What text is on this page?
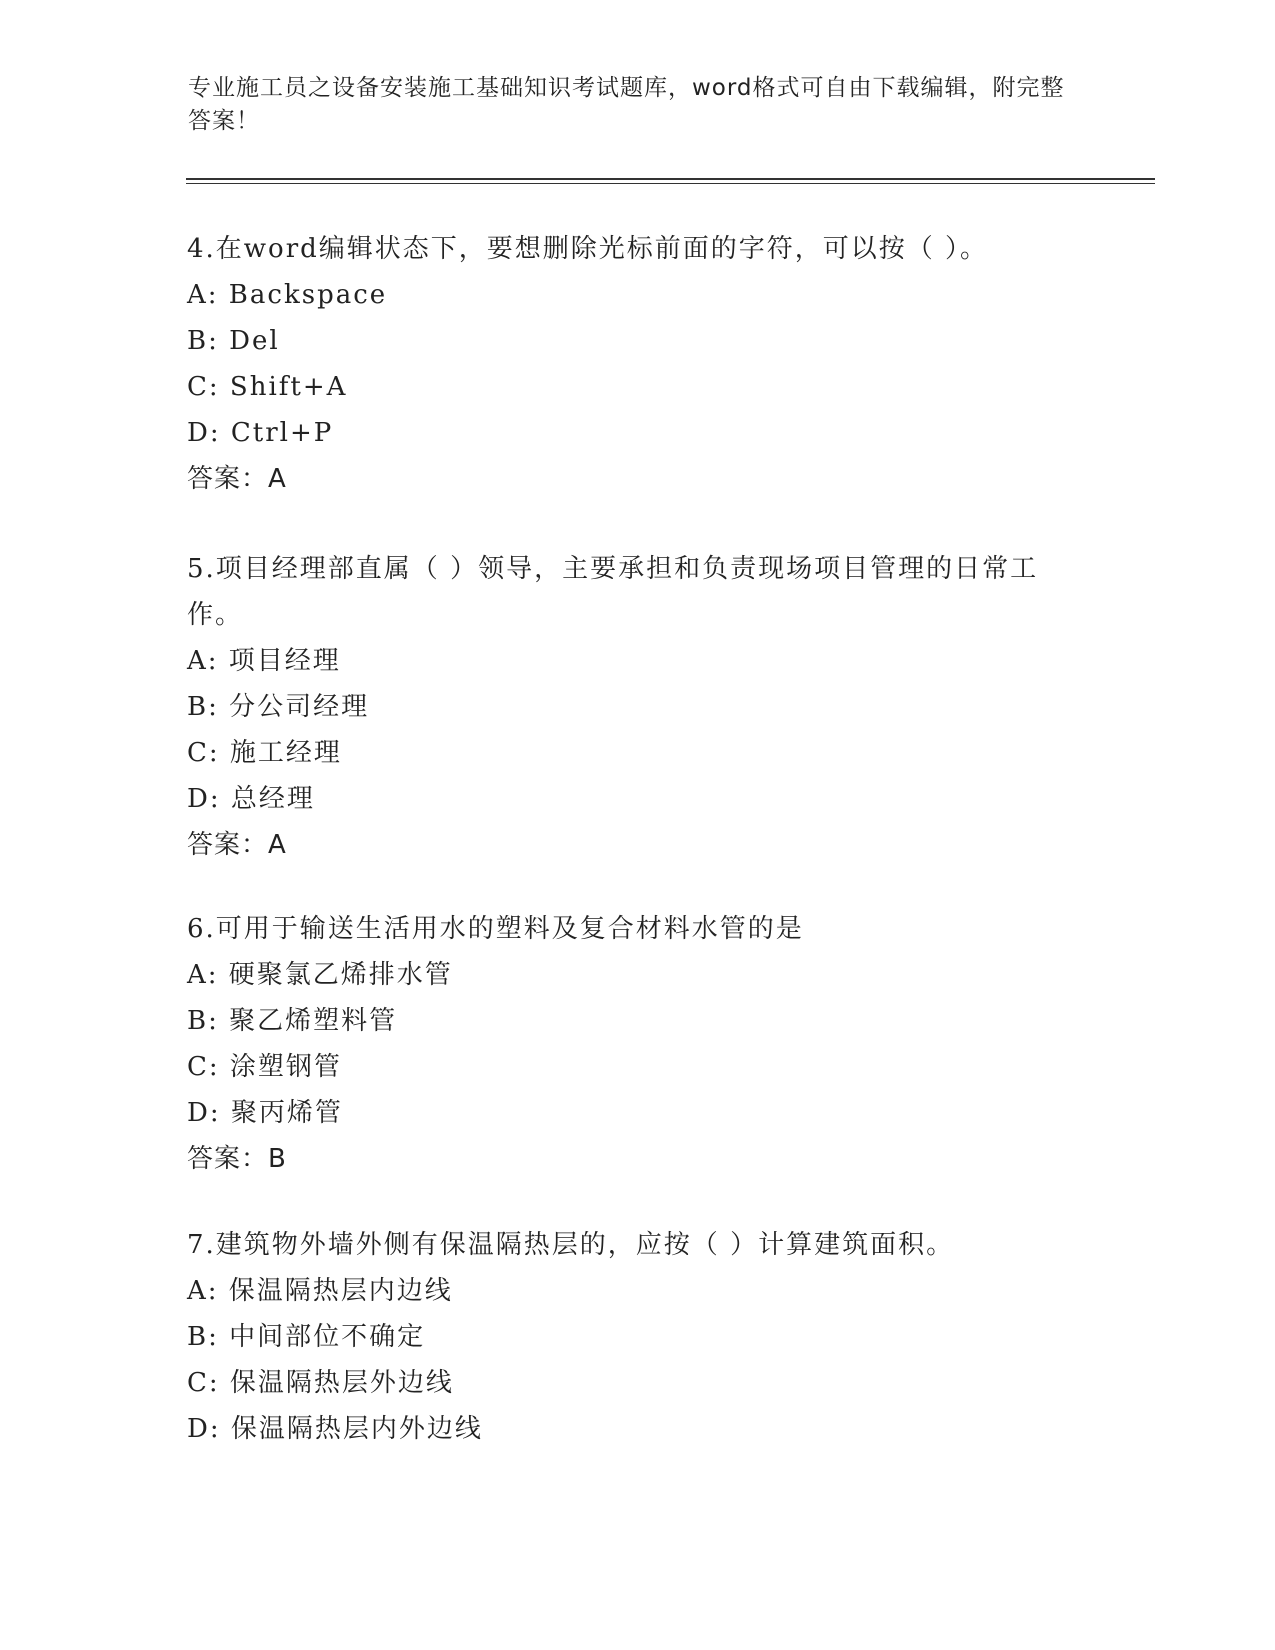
专业施工员之设备安装施工基础知识考试题库，word格式可自由下载编辑，附完整答案！

4.在word编辑状态下，要想删除光标前面的字符，可以按（ ）。

A: Backspace

B: Del

C: Shift+A

D: Ctrl+P

答案：A

5.项目经理部直属（ ）领导，主要承担和负责现场项目管理的日常工作。

A: 项目经理

B: 分公司经理

C: 施工经理

D: 总经理

答案：A

6.可用于输送生活用水的塑料及复合材料水管的是

A: 硬聚氯乙烯排水管

B: 聚乙烯塑料管

C: 涂塑钢管

D: 聚丙烯管

答案：B

7.建筑物外墙外侧有保温隔热层的，应按（ ）计算建筑面积。

A: 保温隔热层内边线

B: 中间部位不确定

C: 保温隔热层外边线

D: 保温隔热层内外边线
